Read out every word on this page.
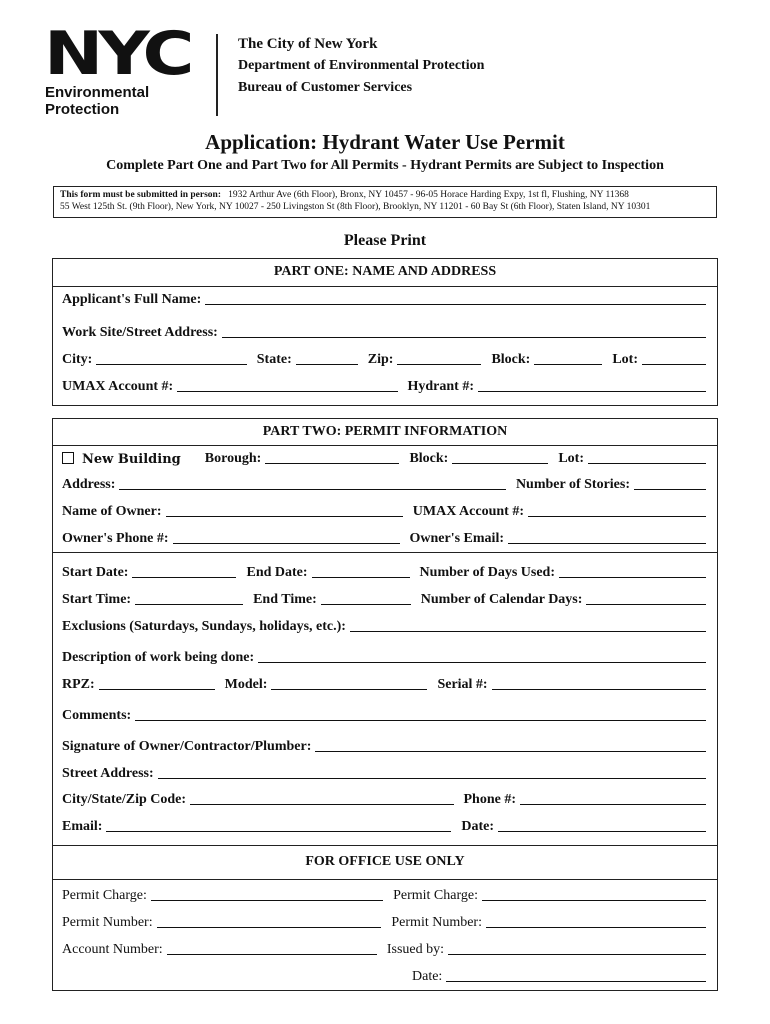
NYC
Environmental
Protection
The City of New York
Department of Environmental Protection
Bureau of Customer Services
Application: Hydrant Water Use Permit
Complete Part One and Part Two for All Permits - Hydrant Permits are Subject to Inspection
This form must be submitted in person: 1932 Arthur Ave (6th Floor), Bronx, NY 10457 - 96-05 Horace Harding Expy, 1st fl, Flushing, NY 11368
55 West 125th St. (9th Floor), New York, NY 10027 - 250 Livingston St (8th Floor), Brooklyn, NY 11201 - 60 Bay St (6th Floor), Staten Island, NY 10301
Please Print
PART ONE: NAME AND ADDRESS
Applicant's Full Name:
Work Site/Street Address:
City:	State:	Zip:	Block:	Lot:
UMAX Account #:	Hydrant #:
PART TWO: PERMIT INFORMATION
New Building Borough:	Block:	Lot:
Address:	Number of Stories:
Name of Owner:	UMAX Account #:
Owner's Phone #:	Owner's Email:
Start Date:	End Date:	Number of Days Used:
Start Time:	End Time:	Number of Calendar Days:
Exclusions (Saturdays, Sundays, holidays, etc.):
Description of work being done:
RPZ:	Model:	Serial #:
Comments:
Signature of Owner/Contractor/Plumber:
Street Address:
City/State/Zip Code:	Phone #:
Email:	Date:
FOR OFFICE USE ONLY
Permit Charge:	Permit Charge:
Permit Number:	Permit Number:
Account Number:	Issued by:
Date:
